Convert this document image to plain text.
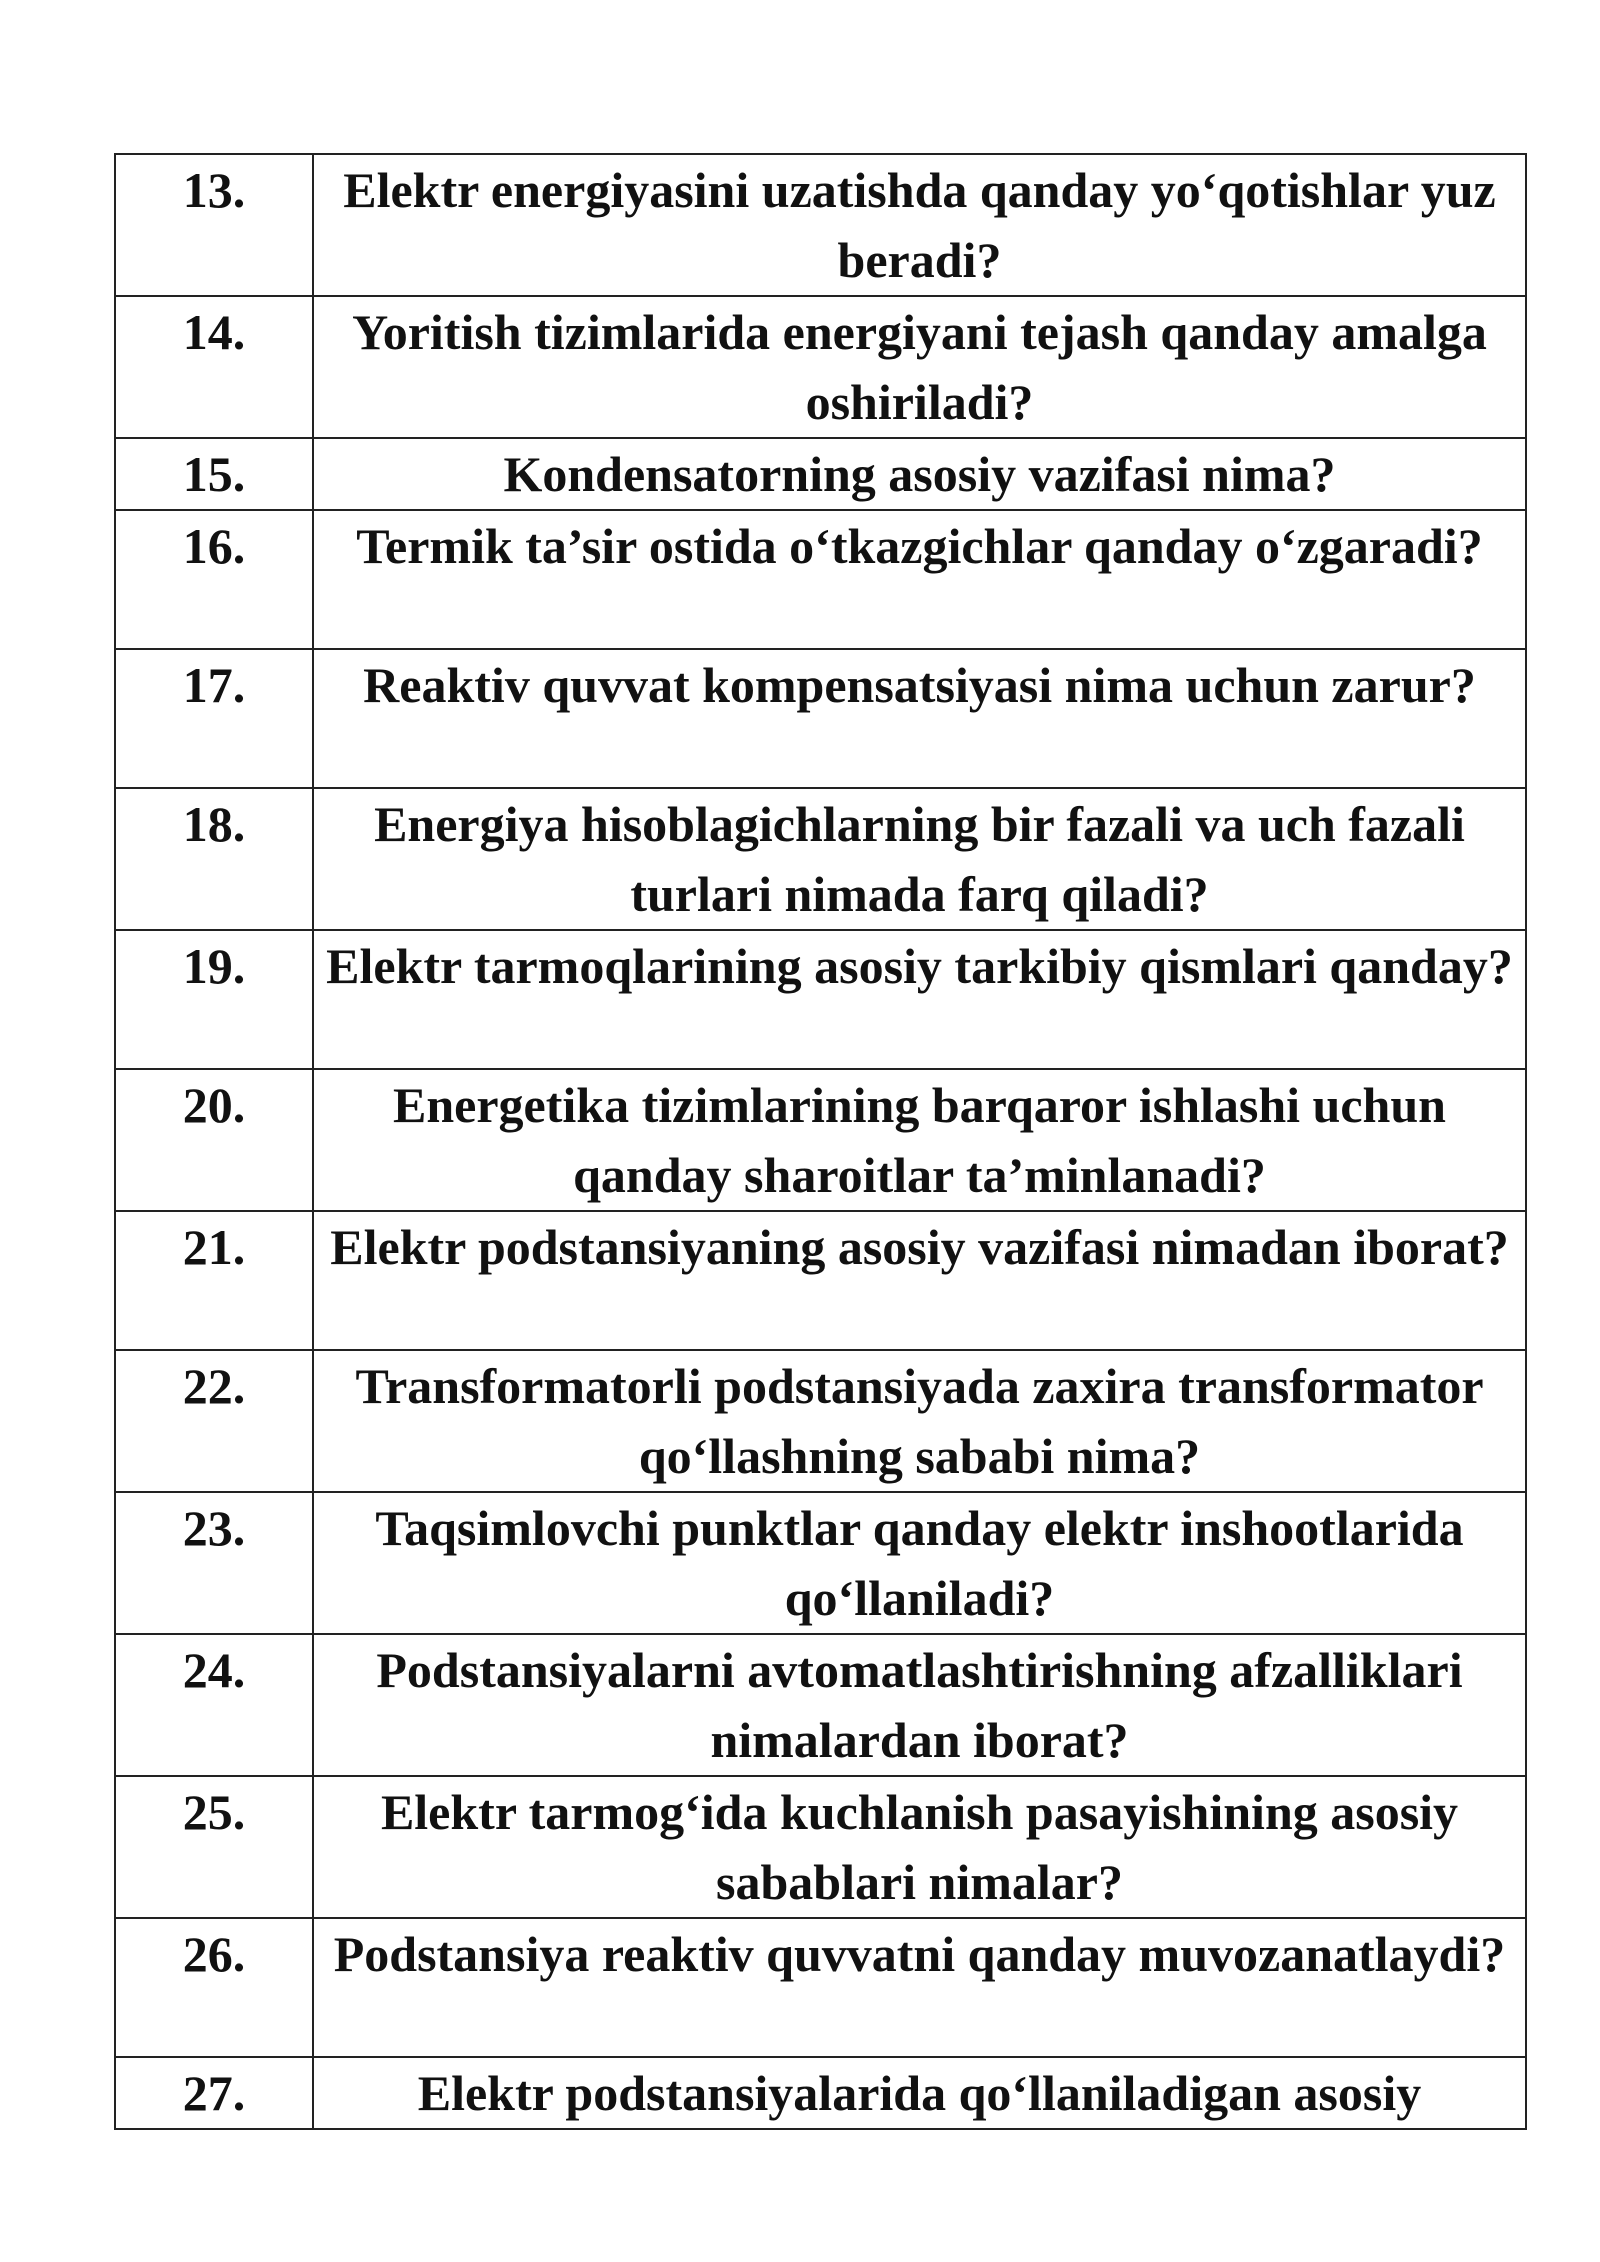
13.	Elektr energiyasini uzatishda qanday yo‘qotishlar yuz beradi?
14.	Yoritish tizimlarida energiyani tejash qanday amalga oshiriladi?
15.	Kondensatorning asosiy vazifasi nima?
16.	Termik ta’sir ostida o‘tkazgichlar qanday o‘zgaradi?
17.	Reaktiv quvvat kompensatsiyasi nima uchun zarur?
18.	Energiya hisoblagichlarning bir fazali va uch fazali turlari nimada farq qiladi?
19.	Elektr tarmoqlarining asosiy tarkibiy qismlari qanday?
20.	Energetika tizimlarining barqaror ishlashi uchun qanday sharoitlar ta’minlanadi?
21.	Elektr podstansiyaning asosiy vazifasi nimadan iborat?
22.	Transformatorli podstansiyada zaxira transformator qo‘llashning sababi nima?
23.	Taqsimlovchi punktlar qanday elektr inshootlarida qo‘llaniladi?
24.	Podstansiyalarni avtomatlashtirishning afzalliklari nimalardan iborat?
25.	Elektr tarmog‘ida kuchlanish pasayishining asosiy sabablari nimalar?
26.	Podstansiya reaktiv quvvatni qanday muvozanatlaydi?
27.	Elektr podstansiyalarida qo‘llaniladigan asosiy
